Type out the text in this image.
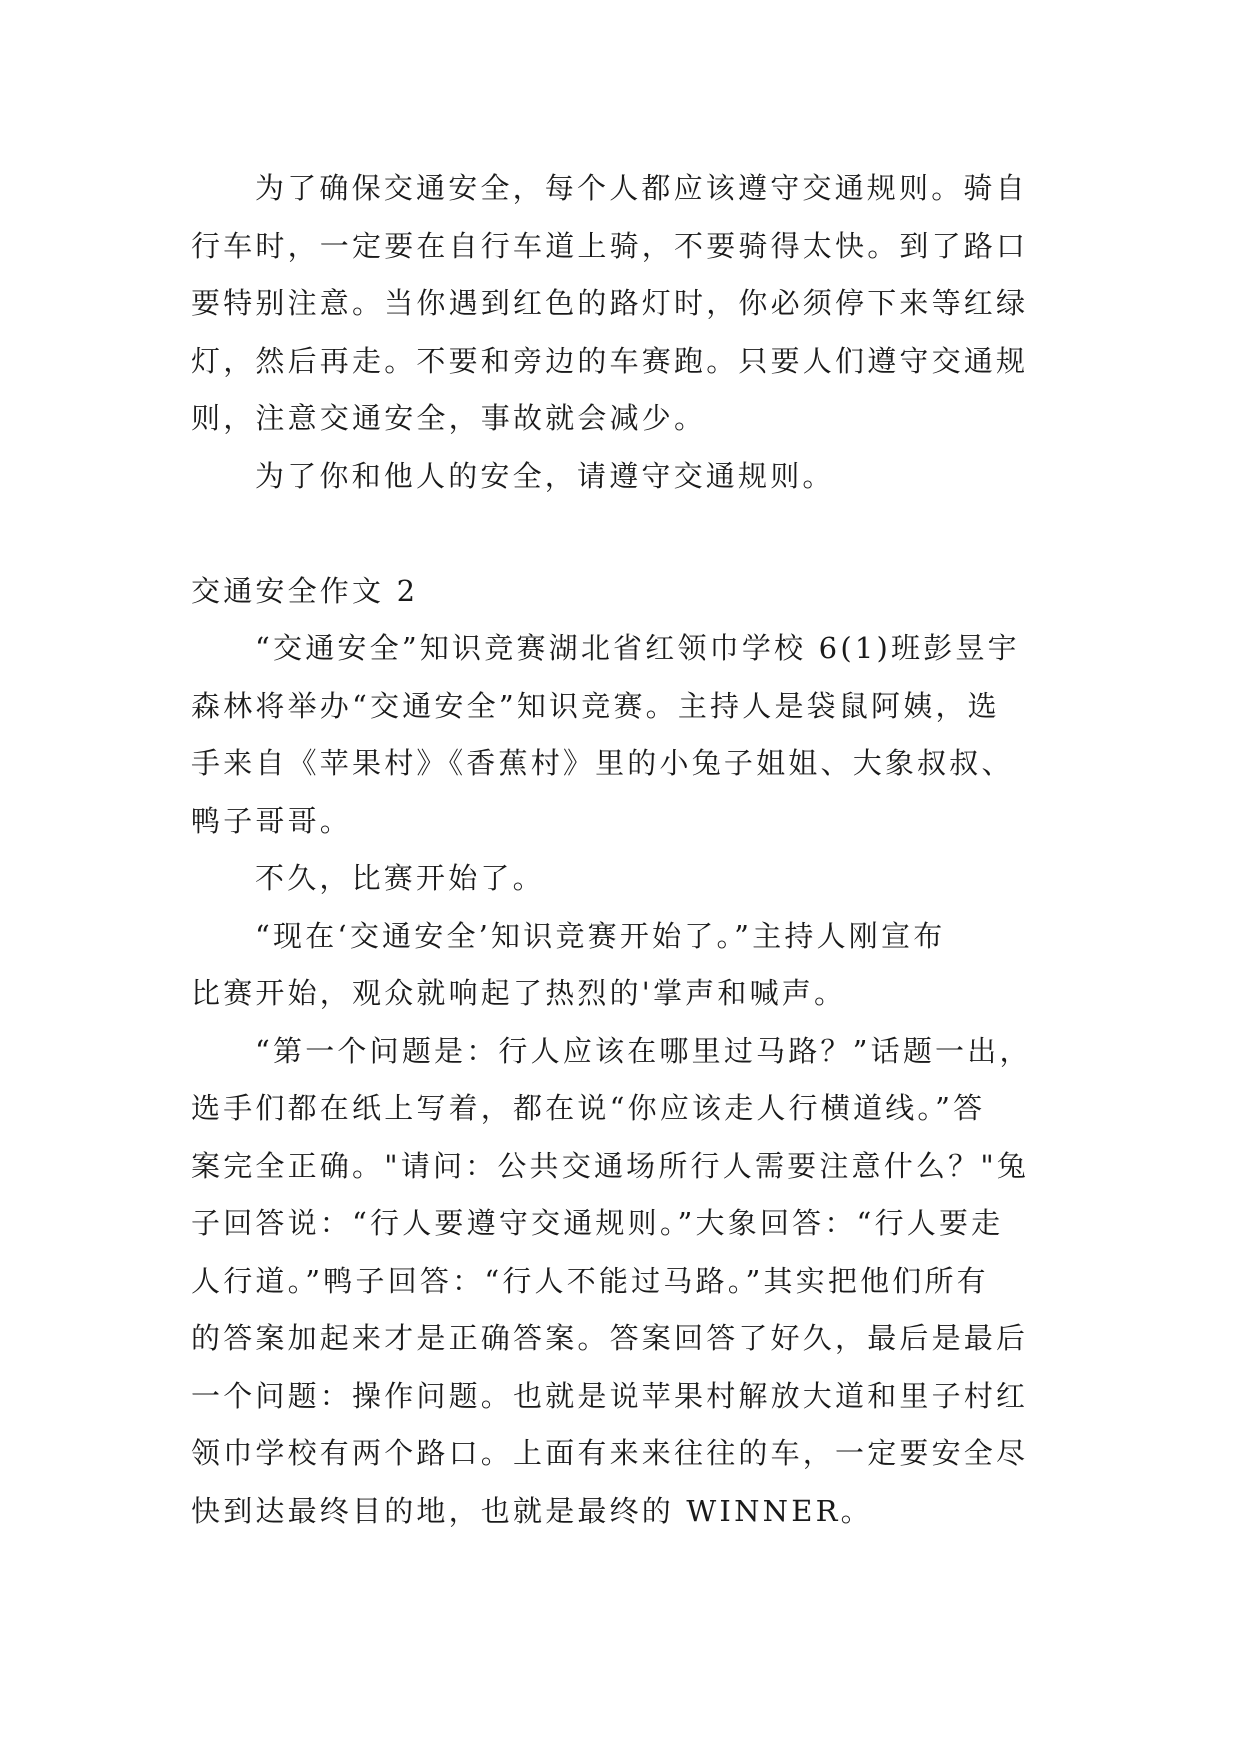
为了确保交通安全，每个人都应该遵守交通规则。骑自
行车时，一定要在自行车道上骑，不要骑得太快。到了路口
要特别注意。当你遇到红色的路灯时，你必须停下来等红绿
灯，然后再走。不要和旁边的车赛跑。只要人们遵守交通规
则，注意交通安全，事故就会减少。
为了你和他人的安全，请遵守交通规则。
交通安全作文 2
“交通安全”知识竞赛湖北省红领巾学校 6(1)班彭昱宇
森林将举办“交通安全”知识竞赛。主持人是袋鼠阿姨，选
手来自《苹果村》《香蕉村》里的小兔子姐姐、大象叔叔、
鸭子哥哥。
不久，比赛开始了。
“现在‘交通安全’知识竞赛开始了。”主持人刚宣布
比赛开始，观众就响起了热烈的'掌声和喊声。
“第一个问题是：行人应该在哪里过马路？”话题一出，
选手们都在纸上写着，都在说“你应该走人行横道线。”答
案完全正确。"请问：公共交通场所行人需要注意什么？"兔
子回答说：“行人要遵守交通规则。”大象回答：“行人要走
人行道。”鸭子回答：“行人不能过马路。”其实把他们所有
的答案加起来才是正确答案。答案回答了好久，最后是最后
一个问题：操作问题。也就是说苹果村解放大道和里子村红
领巾学校有两个路口。上面有来来往往的车，一定要安全尽
快到达最终目的地，也就是最终的 WINNER。
